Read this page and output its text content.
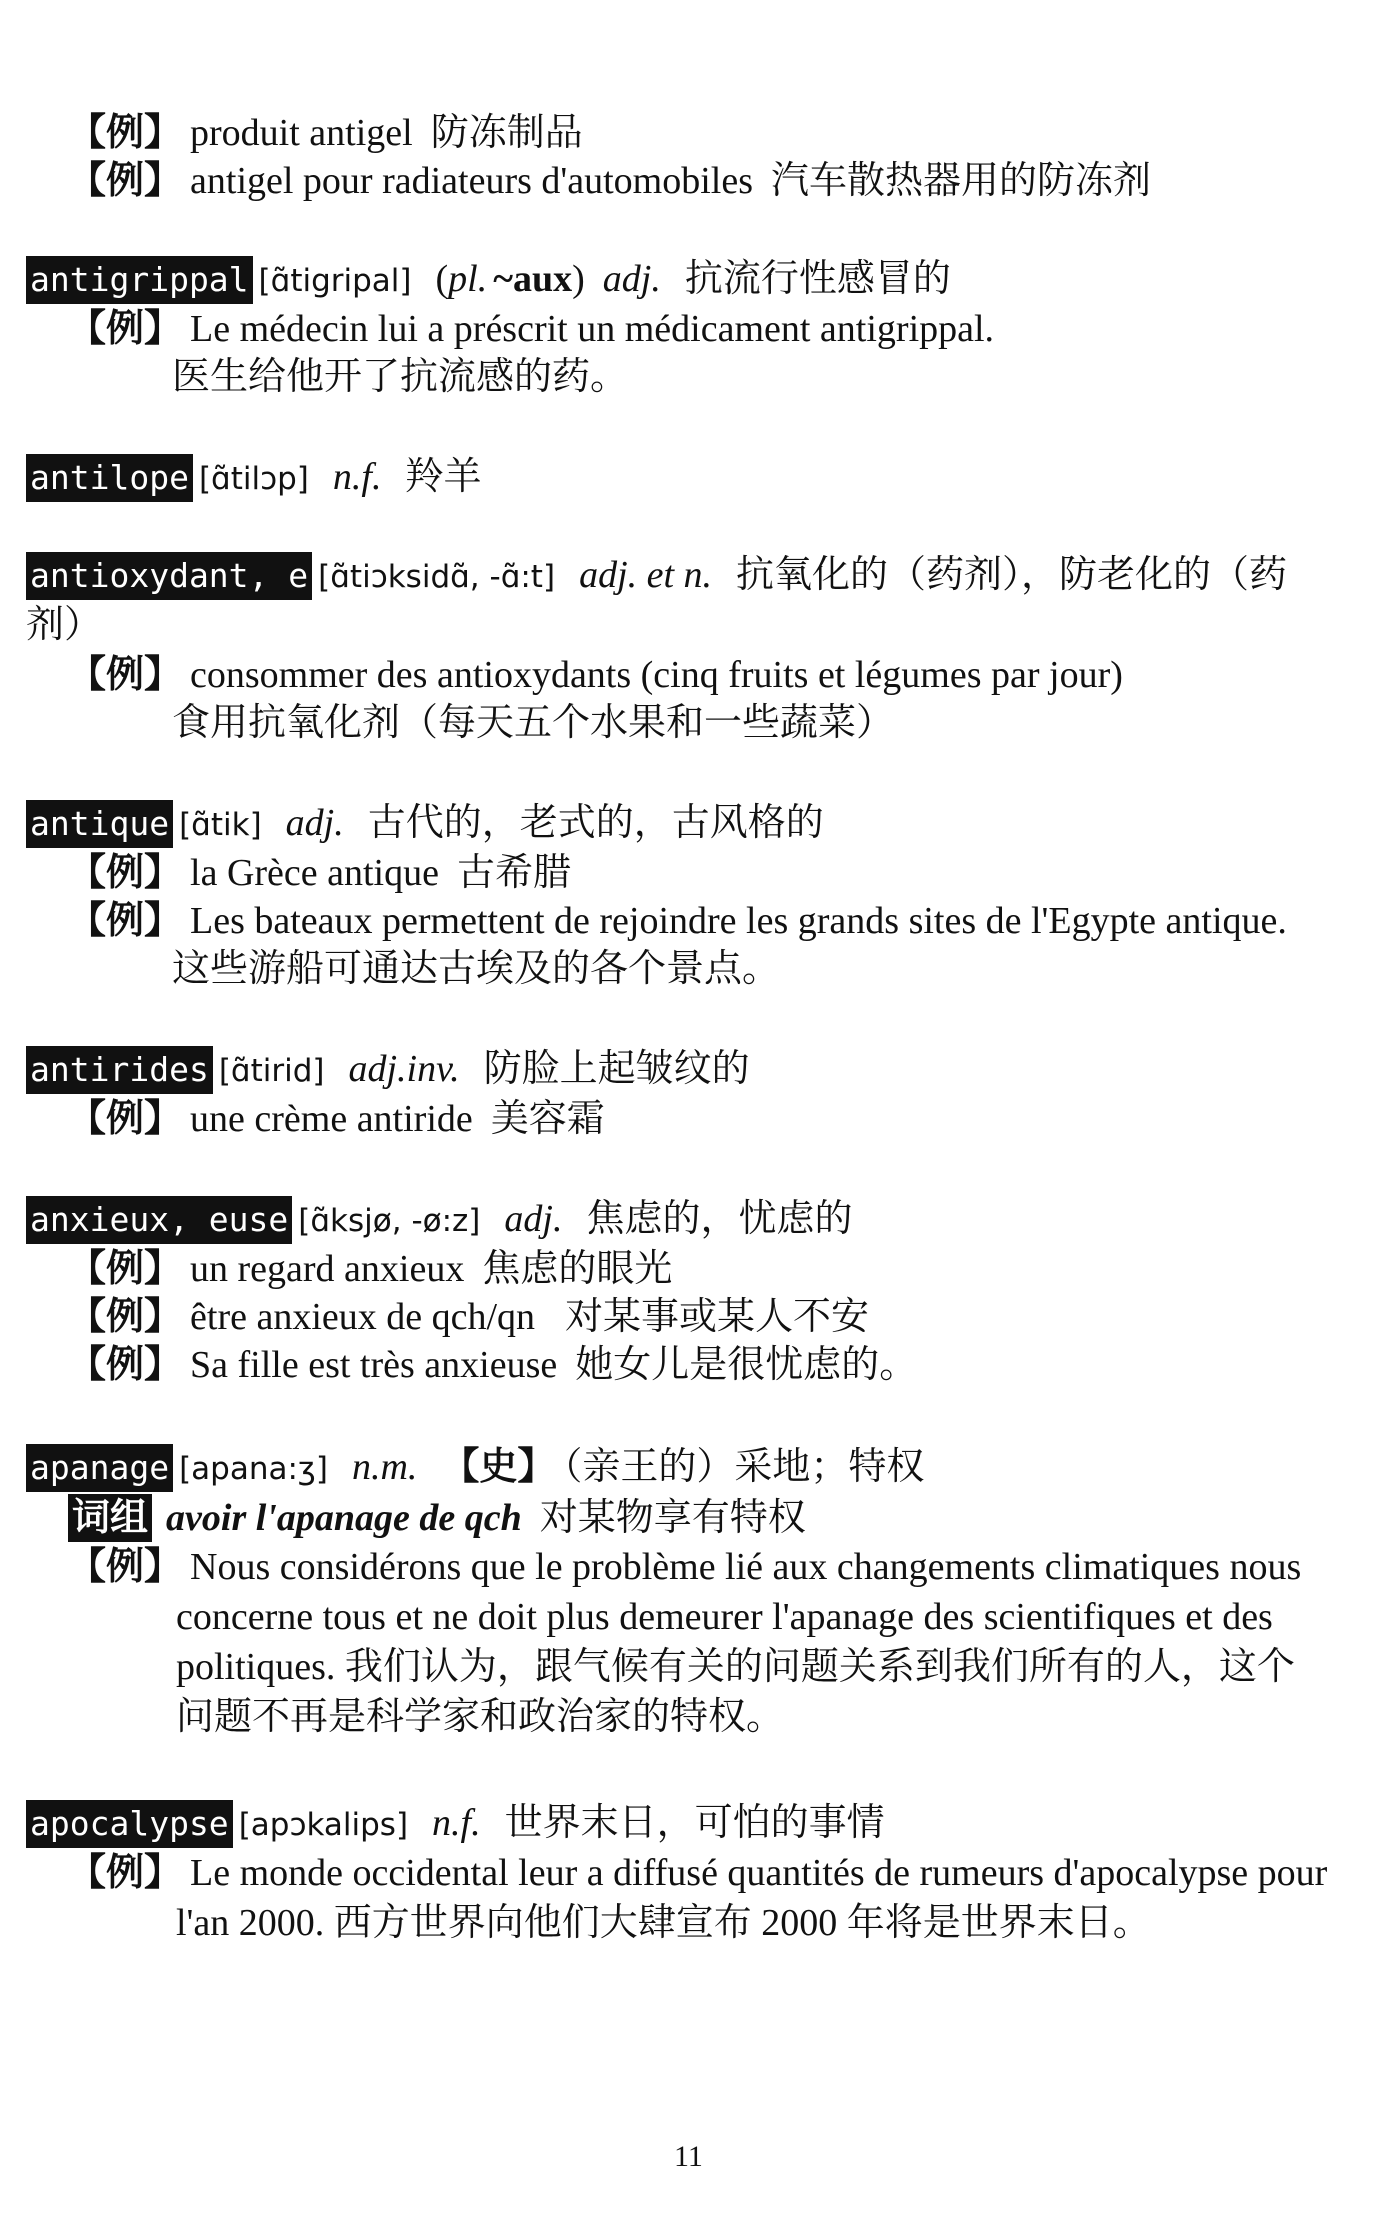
【例】 produit antigel 防冻制品
【例】 antigel pour radiateurs d'automobiles 汽车散热器用的防冻剂
antigrippal [ɑ̃tigripal] (pl. ~aux) adj. 抗流行性感冒的
【例】 Le médecin lui a préscrit un médicament antigrippal.
医生给他开了抗流感的药。
antilope [ɑ̃tilɔp] n.f. 羚羊
antioxydant, e [ɑ̃tiɔksidɑ̃, -ɑ̃:t] adj. et n. 抗氧化的（药剂），防老化的（药
剂）
【例】 consommer des antioxydants (cinq fruits et légumes par jour)
食用抗氧化剂（每天五个水果和一些蔬菜）
antique [ɑ̃tik] adj. 古代的，老式的，古风格的
【例】 la Grèce antique 古希腊
【例】 Les bateaux permettent de rejoindre les grands sites de l'Egypte antique.
这些游船可通达古埃及的各个景点。
antirides [ɑ̃tirid] adj.inv. 防脸上起皱纹的
【例】 une crème antiride 美容霜
anxieux, euse [ɑ̃ksjø, -ø:z] adj. 焦虑的，忧虑的
【例】 un regard anxieux 焦虑的眼光
【例】 être anxieux de qch/qn 对某事或某人不安
【例】 Sa fille est très anxieuse 她女儿是很忧虑的。
apanage [apana:ʒ] n.m. 【史】 （亲王的）采地；特权
词组 avoir l'apanage de qch 对某物享有特权
【例】 Nous considérons que le problème lié aux changements climatiques nous
concerne tous et ne doit plus demeurer l'apanage des scientifiques et des
politiques. 我们认为，跟气候有关的问题关系到我们所有的人，这个
问题不再是科学家和政治家的特权。
apocalypse [apɔkalips] n.f. 世界末日，可怕的事情
【例】 Le monde occidental leur a diffusé quantités de rumeurs d'apocalypse pour
l'an 2000. 西方世界向他们大肆宣布 2000 年将是世界末日。
11
